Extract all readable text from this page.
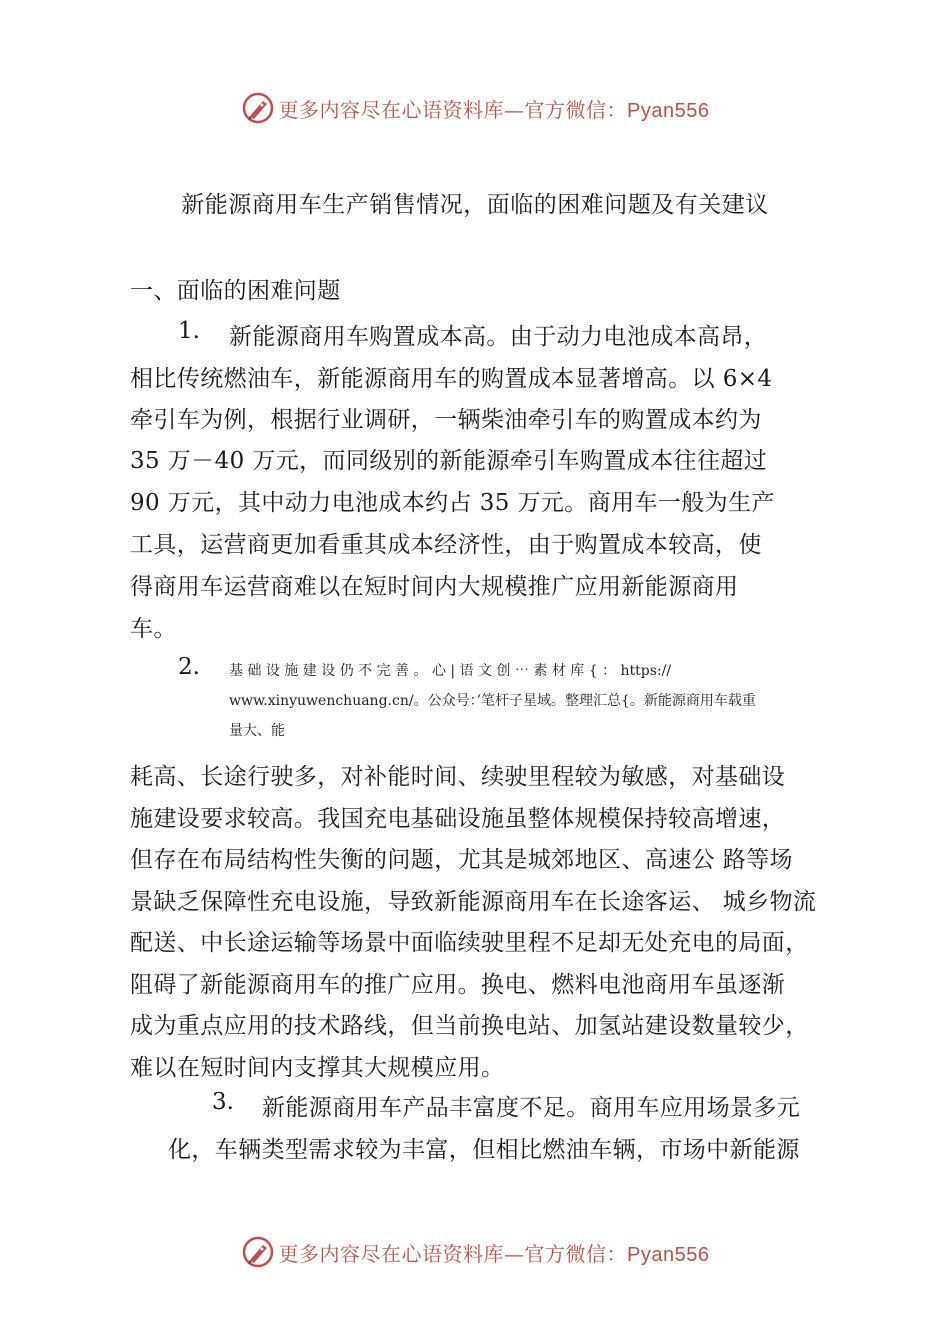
更多内容尽在心语资料库—官方微信：Pyan556
新能源商用车生产销售情况，面临的困难问题及有关建议
一、面临的困难问题
1. 新能源商用车购置成本高。由于动力电池成本高昂，
相比传统燃油车，新能源商用车的购置成本显著增高。以 6×4
牵引车为例，根据行业调研，一辆柴油牵引车的购置成本约为
35 万－40 万元，而同级别的新能源牵引车购置成本往往超过
90 万元，其中动力电池成本约占 35 万元。商用车一般为生产
工具，运营商更加看重其成本经济性，由于购置成本较高，使
得商用车运营商难以在短时间内大规模推广应用新能源商用
车。
2. 基 础 设 施 建 设 仍 不 完 善 。 心 | 语 文 创 ⋯ 素 材 库 { ： https://
www.xinyuwenchuang.cn/。公众号：’笔杆子星域。整理汇总{。新能源商用车载重
量大、能
耗高、长途行驶多，对补能时间、续驶里程较为敏感，对基础设
施建设要求较高。我国充电基础设施虽整体规模保持较高增速，
但存在布局结构性失衡的问题，尤其是城郊地区、高速公 路等场
景缺乏保障性充电设施，导致新能源商用车在长途客运、 城乡物流
配送、中长途运输等场景中面临续驶里程不足却无处充电的局面，
阻碍了新能源商用车的推广应用。换电、燃料电池商用车虽逐渐
成为重点应用的技术路线，但当前换电站、加氢站建设数量较少，
难以在短时间内支撑其大规模应用。
3. 新能源商用车产品丰富度不足。商用车应用场景多元
化，车辆类型需求较为丰富，但相比燃油车辆，市场中新能源
更多内容尽在心语资料库—官方微信：Pyan556
